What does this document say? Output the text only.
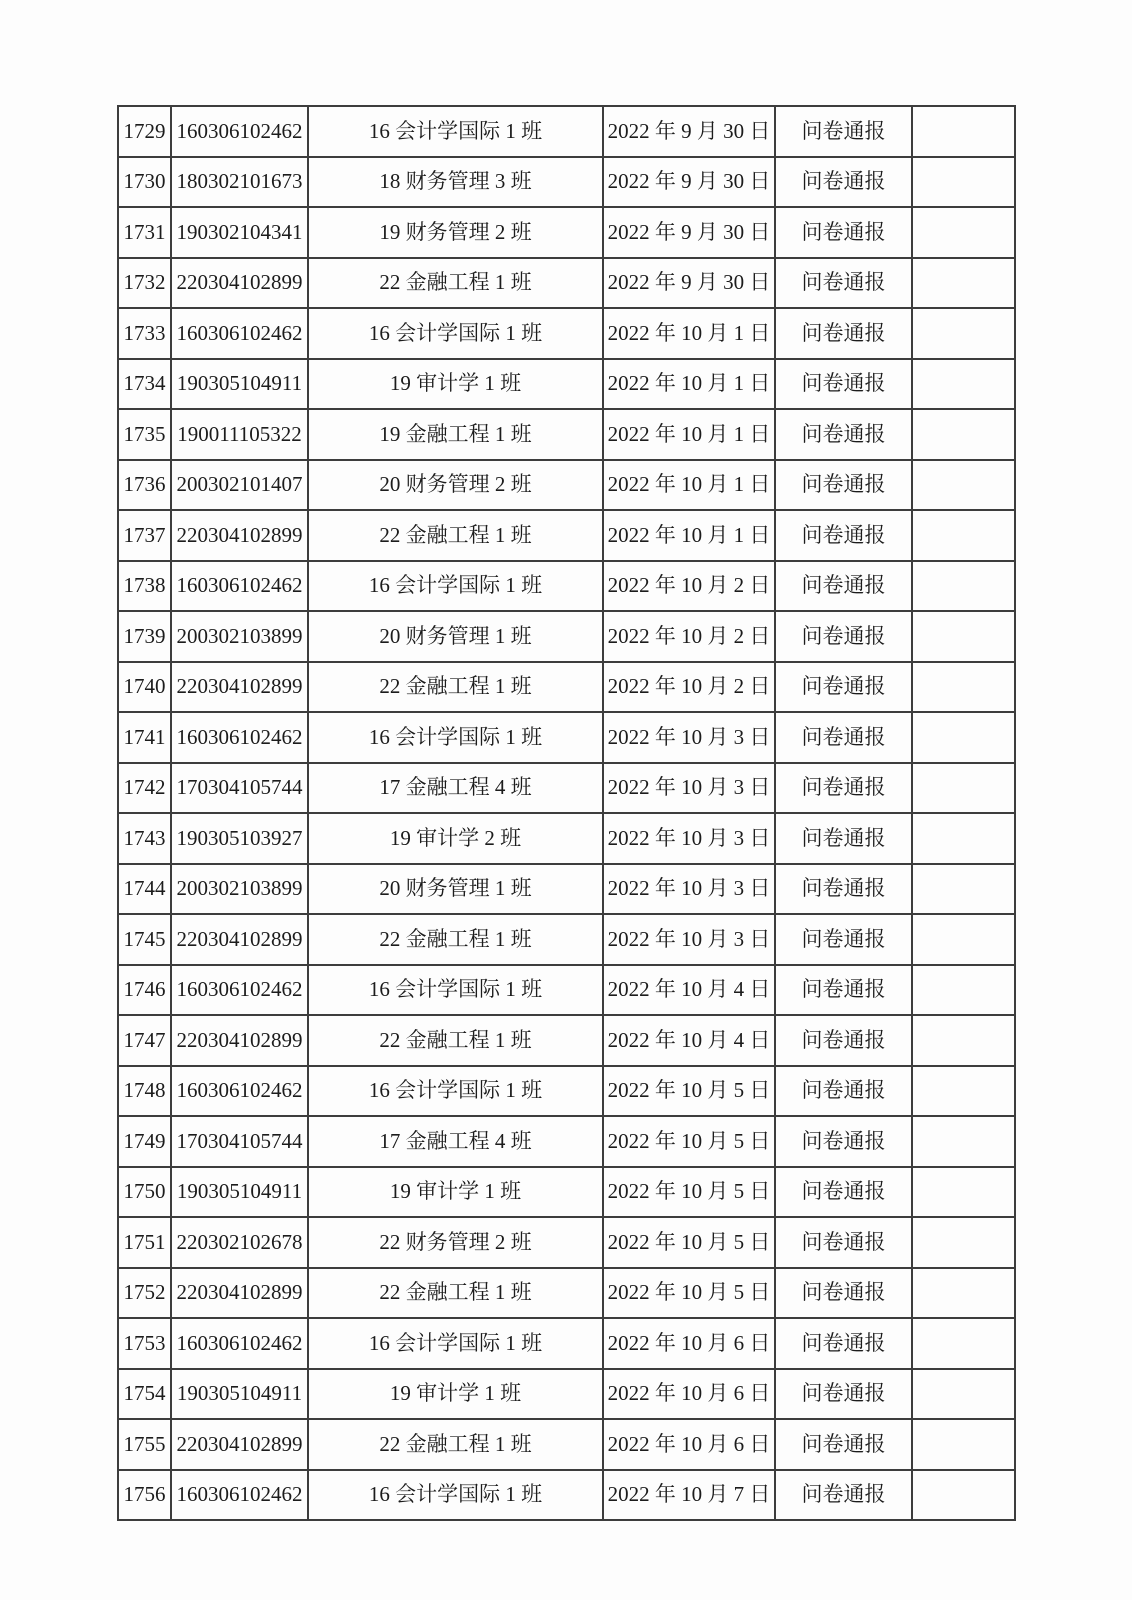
1729	160306102462	16 会计学国际 1 班	2022 年 9 月 30 日	问卷通报	
1730	180302101673	18 财务管理 3 班	2022 年 9 月 30 日	问卷通报	
1731	190302104341	19 财务管理 2 班	2022 年 9 月 30 日	问卷通报	
1732	220304102899	22 金融工程 1 班	2022 年 9 月 30 日	问卷通报	
1733	160306102462	16 会计学国际 1 班	2022 年 10 月 1 日	问卷通报	
1734	190305104911	19 审计学 1 班	2022 年 10 月 1 日	问卷通报	
1735	190011105322	19 金融工程 1 班	2022 年 10 月 1 日	问卷通报	
1736	200302101407	20 财务管理 2 班	2022 年 10 月 1 日	问卷通报	
1737	220304102899	22 金融工程 1 班	2022 年 10 月 1 日	问卷通报	
1738	160306102462	16 会计学国际 1 班	2022 年 10 月 2 日	问卷通报	
1739	200302103899	20 财务管理 1 班	2022 年 10 月 2 日	问卷通报	
1740	220304102899	22 金融工程 1 班	2022 年 10 月 2 日	问卷通报	
1741	160306102462	16 会计学国际 1 班	2022 年 10 月 3 日	问卷通报	
1742	170304105744	17 金融工程 4 班	2022 年 10 月 3 日	问卷通报	
1743	190305103927	19 审计学 2 班	2022 年 10 月 3 日	问卷通报	
1744	200302103899	20 财务管理 1 班	2022 年 10 月 3 日	问卷通报	
1745	220304102899	22 金融工程 1 班	2022 年 10 月 3 日	问卷通报	
1746	160306102462	16 会计学国际 1 班	2022 年 10 月 4 日	问卷通报	
1747	220304102899	22 金融工程 1 班	2022 年 10 月 4 日	问卷通报	
1748	160306102462	16 会计学国际 1 班	2022 年 10 月 5 日	问卷通报	
1749	170304105744	17 金融工程 4 班	2022 年 10 月 5 日	问卷通报	
1750	190305104911	19 审计学 1 班	2022 年 10 月 5 日	问卷通报	
1751	220302102678	22 财务管理 2 班	2022 年 10 月 5 日	问卷通报	
1752	220304102899	22 金融工程 1 班	2022 年 10 月 5 日	问卷通报	
1753	160306102462	16 会计学国际 1 班	2022 年 10 月 6 日	问卷通报	
1754	190305104911	19 审计学 1 班	2022 年 10 月 6 日	问卷通报	
1755	220304102899	22 金融工程 1 班	2022 年 10 月 6 日	问卷通报	
1756	160306102462	16 会计学国际 1 班	2022 年 10 月 7 日	问卷通报	
